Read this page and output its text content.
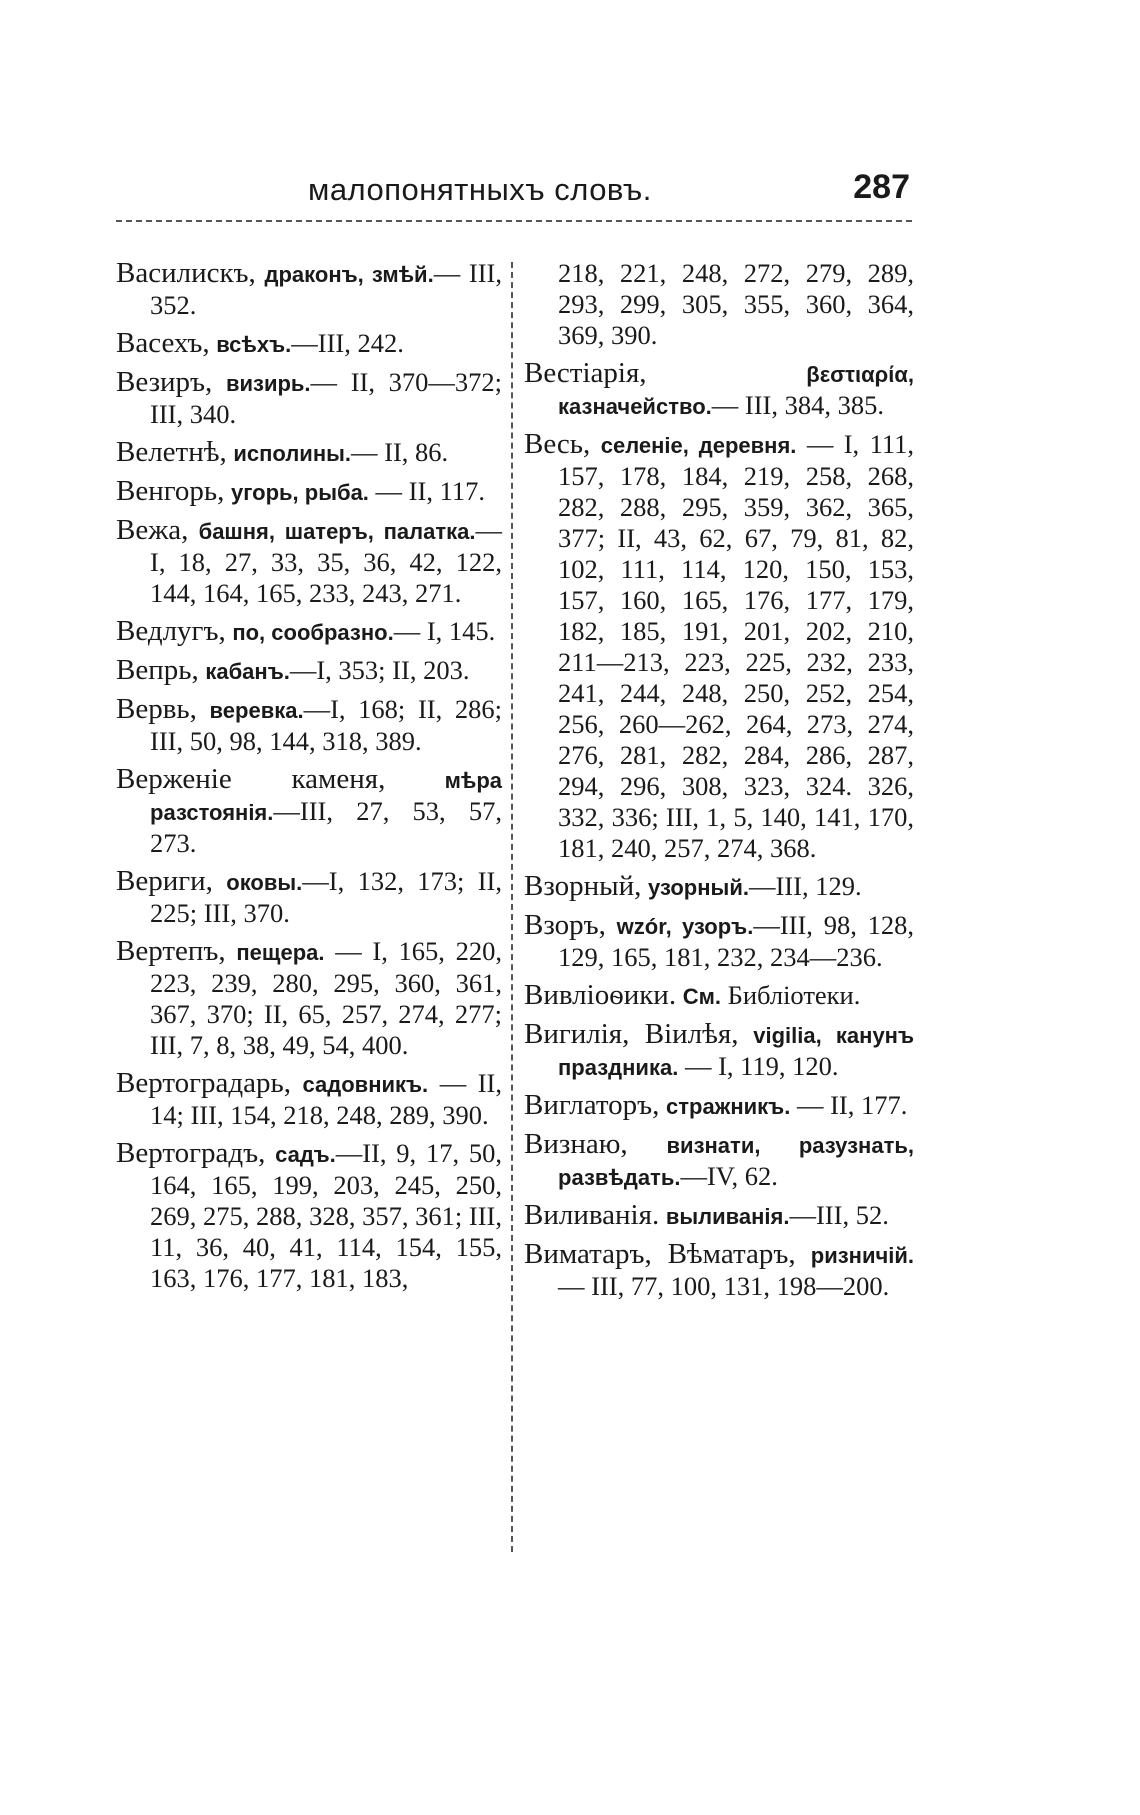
малопонятныхъ словъ.	287

Василискъ, драконъ, змѣй.— III, 352.

Васехъ, всѣхъ.—III, 242.

Везиръ, визирь.— II, 370—372; III, 340.

Велетнѣ, исполины.— II, 86.

Венгорь, угорь, рыба. — II, 117.

Вежа, башня, шатеръ, палатка.—I, 18, 27, 33, 35, 36, 42, 122, 144, 164, 165, 233, 243, 271.

Ведлугъ, по, сообразно.— I, 145.

Вепрь, кабанъ.—I, 353; II, 203.

Вервь, веревка.—I, 168; II, 286; III, 50, 98, 144, 318, 389.

Верженiе каменя,	мѣра разстоянiя.—III, 27, 53, 57, 273.

Вериги, оковы.—I, 132, 173; II, 225; III, 370.

Вертепъ, пещера. — I, 165, 220, 223, 239, 280, 295, 360, 361, 367, 370; II, 65, 257, 274, 277; III, 7, 8, 38, 49, 54, 400.

Вертоградарь, садовникъ. — II, 14; III, 154, 218, 248, 289, 390.

Вертоградъ, садъ.—II, 9, 17, 50, 164, 165, 199, 203, 245, 250, 269, 275, 288, 328, 357, 361; III, 11, 36, 40, 41, 114, 154, 155, 163, 176, 177, 181, 183,

218, 221, 248, 272, 279, 289, 293, 299, 305, 355, 360, 364, 369, 390.

Вестiарiя,	βεστιαρία, казначейство.— III, 384, 385.

Весь, селенiе, деревня. — I, 111, 157, 178, 184, 219, 258, 268, 282, 288, 295, 359, 362, 365, 377; II, 43, 62, 67, 79, 81, 82, 102, 111, 114, 120, 150, 153, 157, 160, 165, 176, 177, 179, 182, 185, 191, 201, 202, 210, 211—213, 223, 225, 232, 233, 241, 244, 248, 250, 252, 254, 256, 260—262, 264, 273, 274, 276, 281, 282, 284, 286, 287, 294, 296, 308, 323, 324. 326, 332, 336; III, 1, 5, 140, 141, 170, 181, 240, 257, 274, 368.

Взорный, узорный.—III, 129.

Взоръ, wzór, узоръ.—III, 98, 128, 129, 165, 181, 232, 234—236.

Вивлiоѳики. См. Библiотеки.

Вигилiя, Вiилѣя, vigilia, канунъ праздника. — I, 119, 120.

Виглаторъ, стражникъ. — II, 177.

Визнаю, визнати, разузнать, развѣдать.—IV, 62.

Виливанiя. выливанiя.—III, 52.

Виматаръ, Вѣматаръ, ризничiй. — III, 77, 100, 131, 198—200.
